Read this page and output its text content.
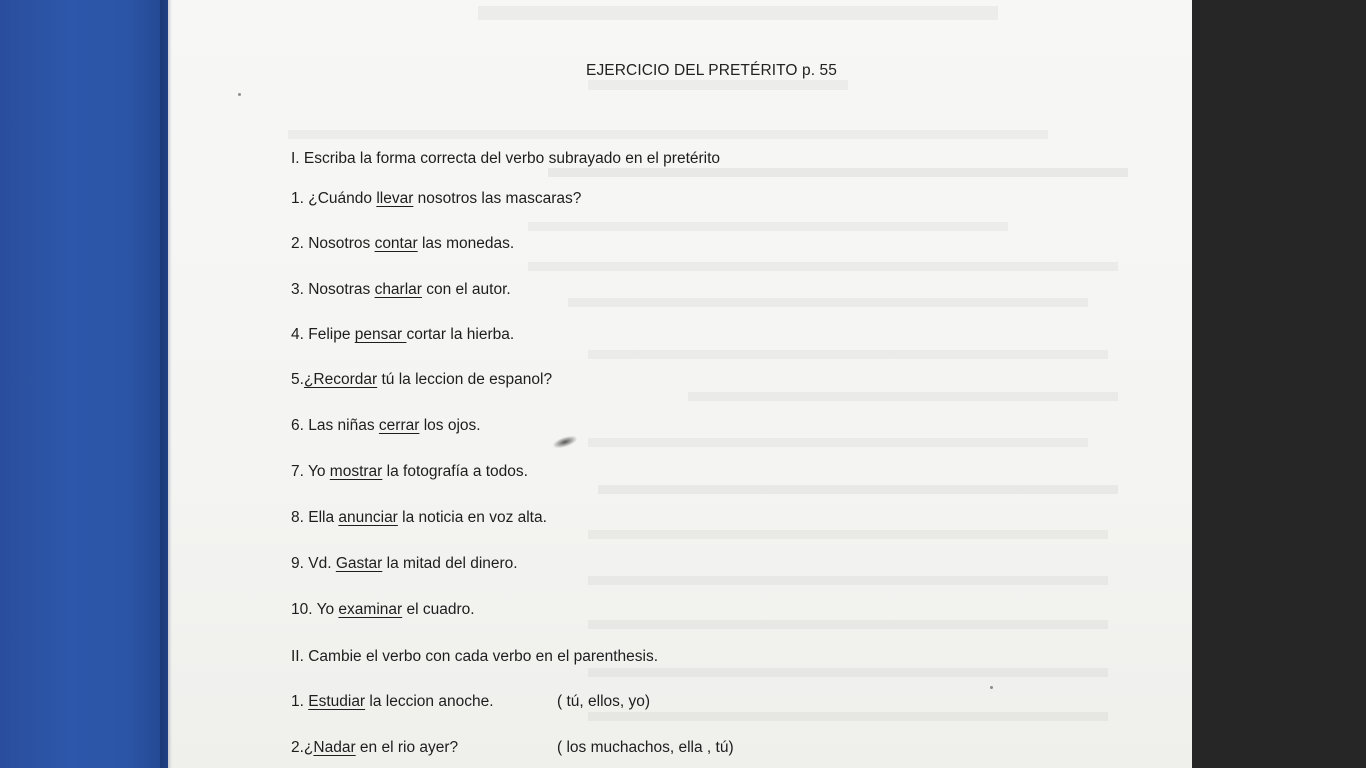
EJERCICIO DEL PRETÉRITO p. 55
I. Escriba la forma correcta del verbo subrayado en el pretérito
1. ¿Cuándo llevar nosotros las mascaras?
2. Nosotros contar las monedas.
3. Nosotras charlar con el autor.
4. Felipe pensar cortar la hierba.
5.¿Recordar tú la leccion de espanol?
6. Las niñas cerrar los ojos.
7. Yo mostrar la fotografía a todos.
8. Ella anunciar la noticia en voz alta.
9. Vd. Gastar la mitad del dinero.
10. Yo examinar el cuadro.
II. Cambie el verbo con cada verbo en el parenthesis.
1. Estudiar la leccion anoche.	( tú, ellos, yo)
2.¿Nadar en el rio ayer?	( los muchachos, ella , tú)
